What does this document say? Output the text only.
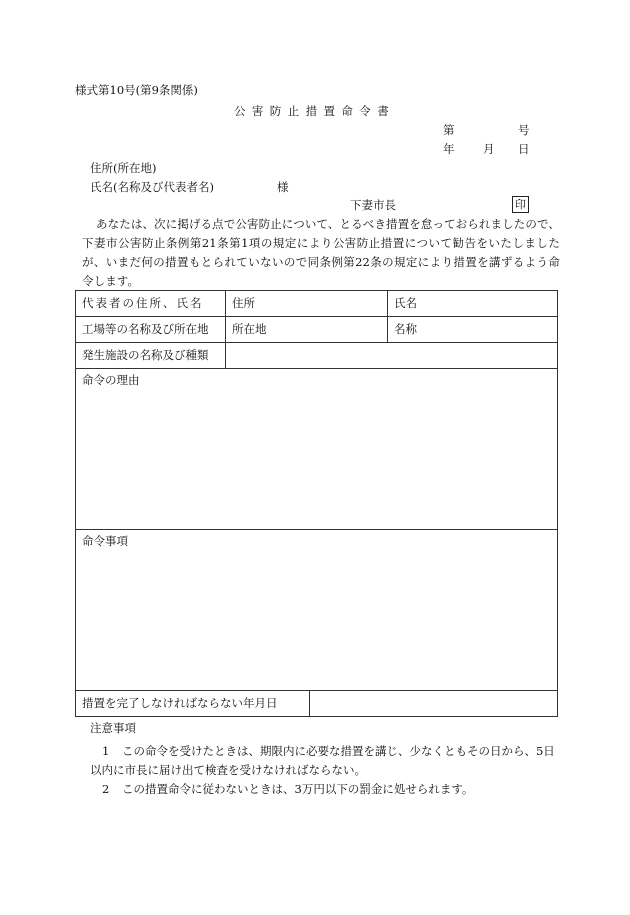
様式第10号(第9条関係)
公害防止措置命令書
第	号
年 月 日
住所(所在地)
氏名(名称及び代表者名)	様
下妻市長	印
あなたは、次に掲げる点で公害防止について、とるべき措置を怠っておられましたので、下妻市公害防止条例第21条第1項の規定により公害防止措置について勧告をいたしましたが、いまだ何の措置もとられていないので同条例第22条の規定により措置を講ずるよう命令します。
代表者の住所、氏名	住所		氏名
工場等の名称及び所在地	所在地		名称
発生施設の名称及び種類			
命令の理由			
命令事項			
措置を完了しなければならない年月日			
注意事項
1 この命令を受けたときは、期限内に必要な措置を講じ、少なくともその日から、5日以内に市長に届け出て検査を受けなければならない。
2 この措置命令に従わないときは、3万円以下の罰金に処せられます。
